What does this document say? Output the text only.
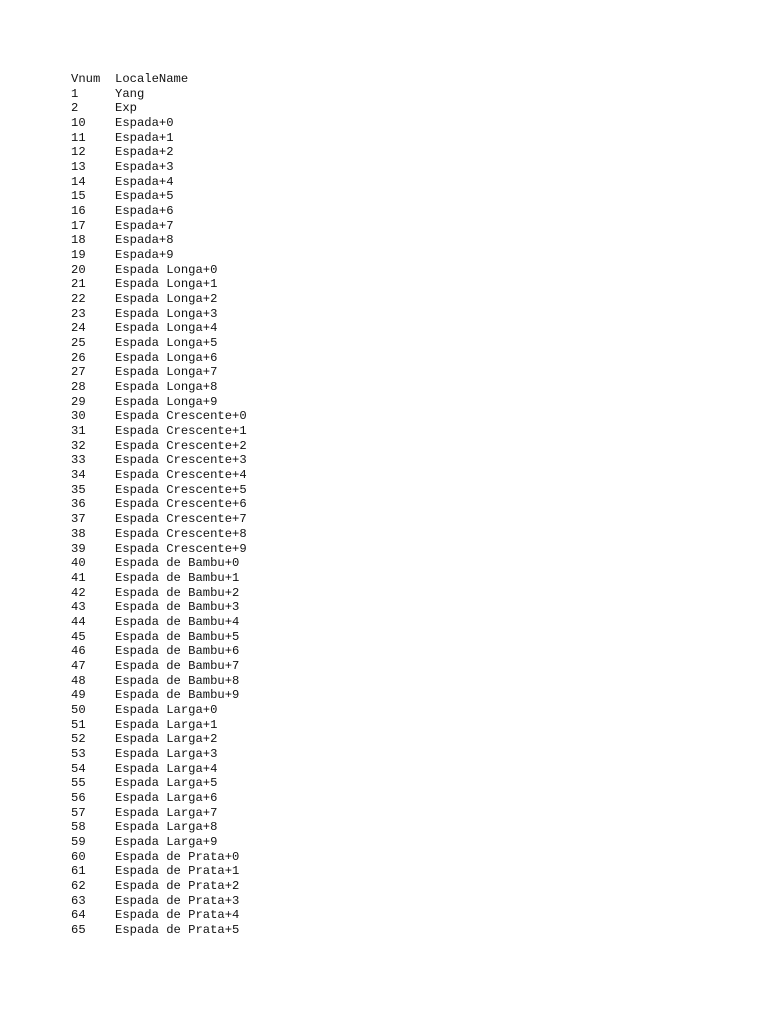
Vnum	LocaleName
1	Yang
2	Exp
10	Espada+0
11	Espada+1
12	Espada+2
13	Espada+3
14	Espada+4
15	Espada+5
16	Espada+6
17	Espada+7
18	Espada+8
19	Espada+9
20	Espada Longa+0
21	Espada Longa+1
22	Espada Longa+2
23	Espada Longa+3
24	Espada Longa+4
25	Espada Longa+5
26	Espada Longa+6
27	Espada Longa+7
28	Espada Longa+8
29	Espada Longa+9
30	Espada Crescente+0
31	Espada Crescente+1
32	Espada Crescente+2
33	Espada Crescente+3
34	Espada Crescente+4
35	Espada Crescente+5
36	Espada Crescente+6
37	Espada Crescente+7
38	Espada Crescente+8
39	Espada Crescente+9
40	Espada de Bambu+0
41	Espada de Bambu+1
42	Espada de Bambu+2
43	Espada de Bambu+3
44	Espada de Bambu+4
45	Espada de Bambu+5
46	Espada de Bambu+6
47	Espada de Bambu+7
48	Espada de Bambu+8
49	Espada de Bambu+9
50	Espada Larga+0
51	Espada Larga+1
52	Espada Larga+2
53	Espada Larga+3
54	Espada Larga+4
55	Espada Larga+5
56	Espada Larga+6
57	Espada Larga+7
58	Espada Larga+8
59	Espada Larga+9
60	Espada de Prata+0
61	Espada de Prata+1
62	Espada de Prata+2
63	Espada de Prata+3
64	Espada de Prata+4
65	Espada de Prata+5
